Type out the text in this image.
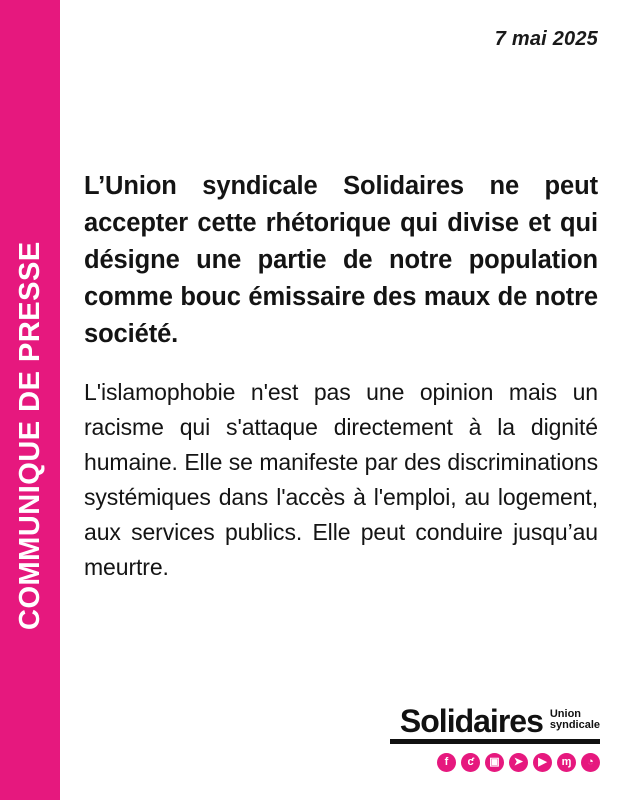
COMMUNIQUE DE PRESSE
7 mai 2025

L’Union syndicale Solidaires ne peut accepter cette rhétorique qui divise et qui désigne une partie de notre population comme bouc émissaire des maux de notre société.

L'islamophobie n'est pas une opinion mais un racisme qui s'attaque directement à la dignité humaine. Elle se manifeste par des discriminations systémiques dans l'accès à l'emploi, au logement, aux services publics. Elle peut conduire jusqu’au meurtre.

Solidaires Union
syndicale
f	ƈ	▣	➤	▶	ɱ	◔
